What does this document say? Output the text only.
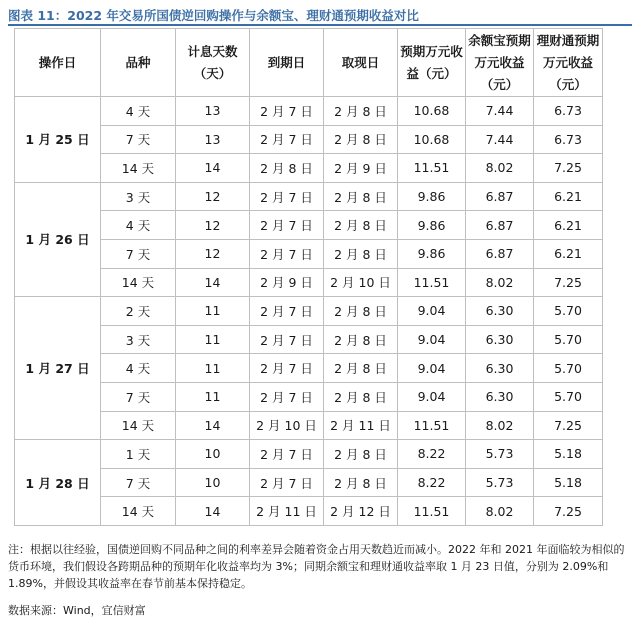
图表 11：2022 年交易所国债逆回购操作与余额宝、理财通预期收益对比
操作日	品种	计息天数（天）	到期日	取现日	预期万元收益（元）	余额宝预期万元收益（元）	理财通预期万元收益（元）
1 月 25 日	4 天	13	2 月 7 日	2 月 8 日	10.68	7.44	6.73
	7 天	13	2 月 7 日	2 月 8 日	10.68	7.44	6.73
	14 天	14	2 月 8 日	2 月 9 日	11.51	8.02	7.25
1 月 26 日	3 天	12	2 月 7 日	2 月 8 日	9.86	6.87	6.21
	4 天	12	2 月 7 日	2 月 8 日	9.86	6.87	6.21
	7 天	12	2 月 7 日	2 月 8 日	9.86	6.87	6.21
	14 天	14	2 月 9 日	2 月 10 日	11.51	8.02	7.25
1 月 27 日	2 天	11	2 月 7 日	2 月 8 日	9.04	6.30	5.70
	3 天	11	2 月 7 日	2 月 8 日	9.04	6.30	5.70
	4 天	11	2 月 7 日	2 月 8 日	9.04	6.30	5.70
	7 天	11	2 月 7 日	2 月 8 日	9.04	6.30	5.70
	14 天	14	2 月 10 日	2 月 11 日	11.51	8.02	7.25
1 月 28 日	1 天	10	2 月 7 日	2 月 8 日	8.22	5.73	5.18
	7 天	10	2 月 7 日	2 月 8 日	8.22	5.73	5.18
	14 天	14	2 月 11 日	2 月 12 日	11.51	8.02	7.25
注：根据以往经验，国债逆回购不同品种之间的利率差异会随着资金占用天数趋近而减小。2022 年和 2021 年面临较为相似的货币环境，我们假设各跨期品种的预期年化收益率均为 3%；同期余额宝和理财通收益率取 1 月 23 日值，分别为 2.09%和 1.89%，并假设其收益率在春节前基本保持稳定。
数据来源：Wind，宜信财富
